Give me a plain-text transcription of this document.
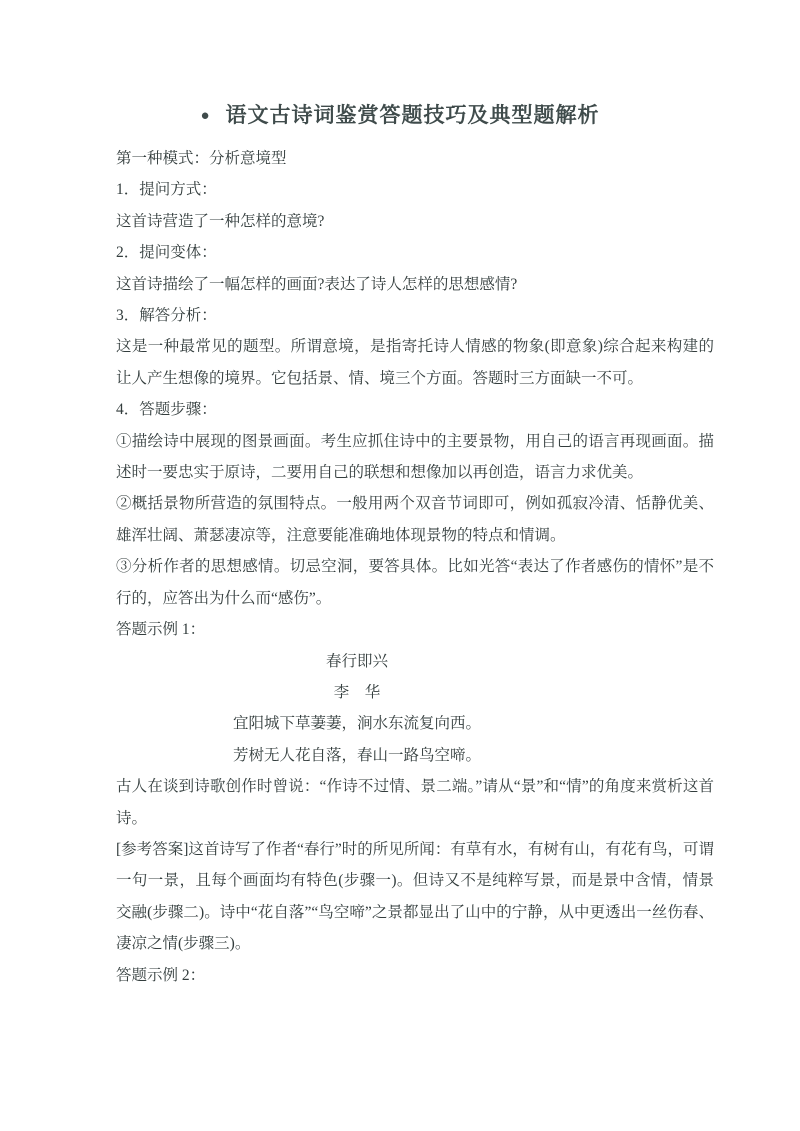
● 语文古诗词鉴赏答题技巧及典型题解析

第一种模式：分析意境型

1．提问方式：

这首诗营造了一种怎样的意境?

2．提问变体：

这首诗描绘了一幅怎样的画面?表达了诗人怎样的思想感情?

3．解答分析：

这是一种最常见的题型。所谓意境，是指寄托诗人情感的物象(即意象)综合起来构建的让人产生想像的境界。它包括景、情、境三个方面。答题时三方面缺一不可。

4．答题步骤：

①描绘诗中展现的图景画面。考生应抓住诗中的主要景物，用自己的语言再现画面。描述时一要忠实于原诗，二要用自己的联想和想像加以再创造，语言力求优美。

②概括景物所营造的氛围特点。一般用两个双音节词即可，例如孤寂冷清、恬静优美、雄浑壮阔、萧瑟凄凉等，注意要能准确地体现景物的特点和情调。

③分析作者的思想感情。切忌空洞，要答具体。比如光答“表达了作者感伤的情怀”是不行的，应答出为什么而“感伤”。

答题示例 1：

春行即兴

李　华

宜阳城下草萋萋，涧水东流复向西。

芳树无人花自落，春山一路鸟空啼。

古人在谈到诗歌创作时曾说：“作诗不过情、景二端。”请从“景”和“情”的角度来赏析这首诗。

[参考答案]这首诗写了作者“春行”时的所见所闻：有草有水，有树有山，有花有鸟，可谓一句一景，且每个画面均有特色(步骤一)。但诗又不是纯粹写景，而是景中含情，情景交融(步骤二)。诗中“花自落”“鸟空啼”之景都显出了山中的宁静，从中更透出一丝伤春、凄凉之情(步骤三)。

答题示例 2：
